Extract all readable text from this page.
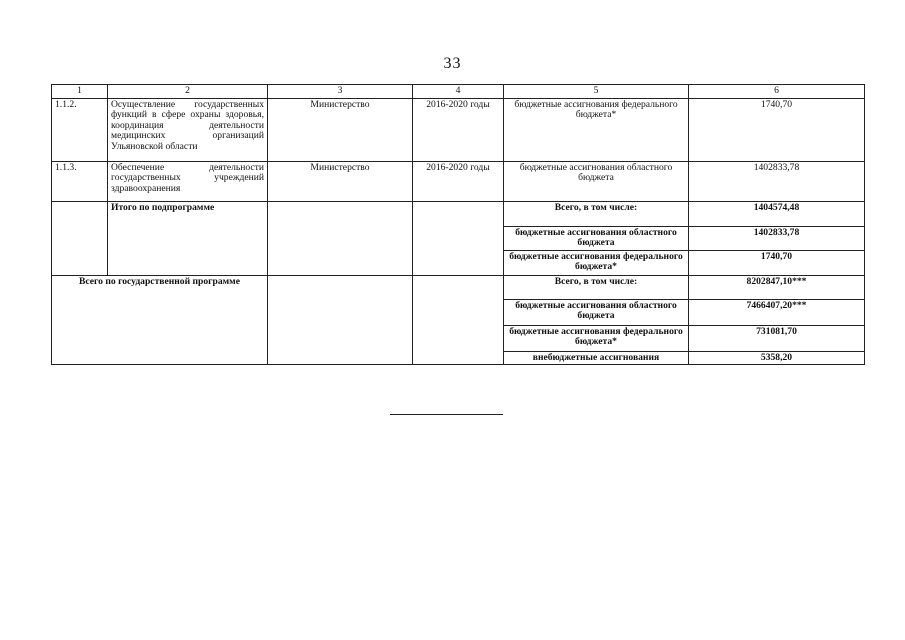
33
1	2	3	4	5	6
1.1.2.	Осуществление государственных функций в сфере охраны здоровья, координация деятельности медицинских организаций Ульяновской области	Министерство	2016-2020 годы	бюджетные ассигнования федерального бюджета*	1740,70
1.1.3.	Обеспечение деятельности государственных учреждений здравоохранения	Министерство	2016-2020 годы	бюджетные ассигнования областного бюджета	1402833,78
	Итого по подпрограмме			Всего, в том числе:	1404574,48
				бюджетные ассигнования областного бюджета	1402833,78
				бюджетные ассигнования федерального бюджета*	1740,70
Всего по государственной программе				Всего, в том числе:	8202847,10***
				бюджетные ассигнования областного бюджета	7466407,20***
				бюджетные ассигнования федерального бюджета*	731081,70
				внебюджетные ассигнования	5358,20
